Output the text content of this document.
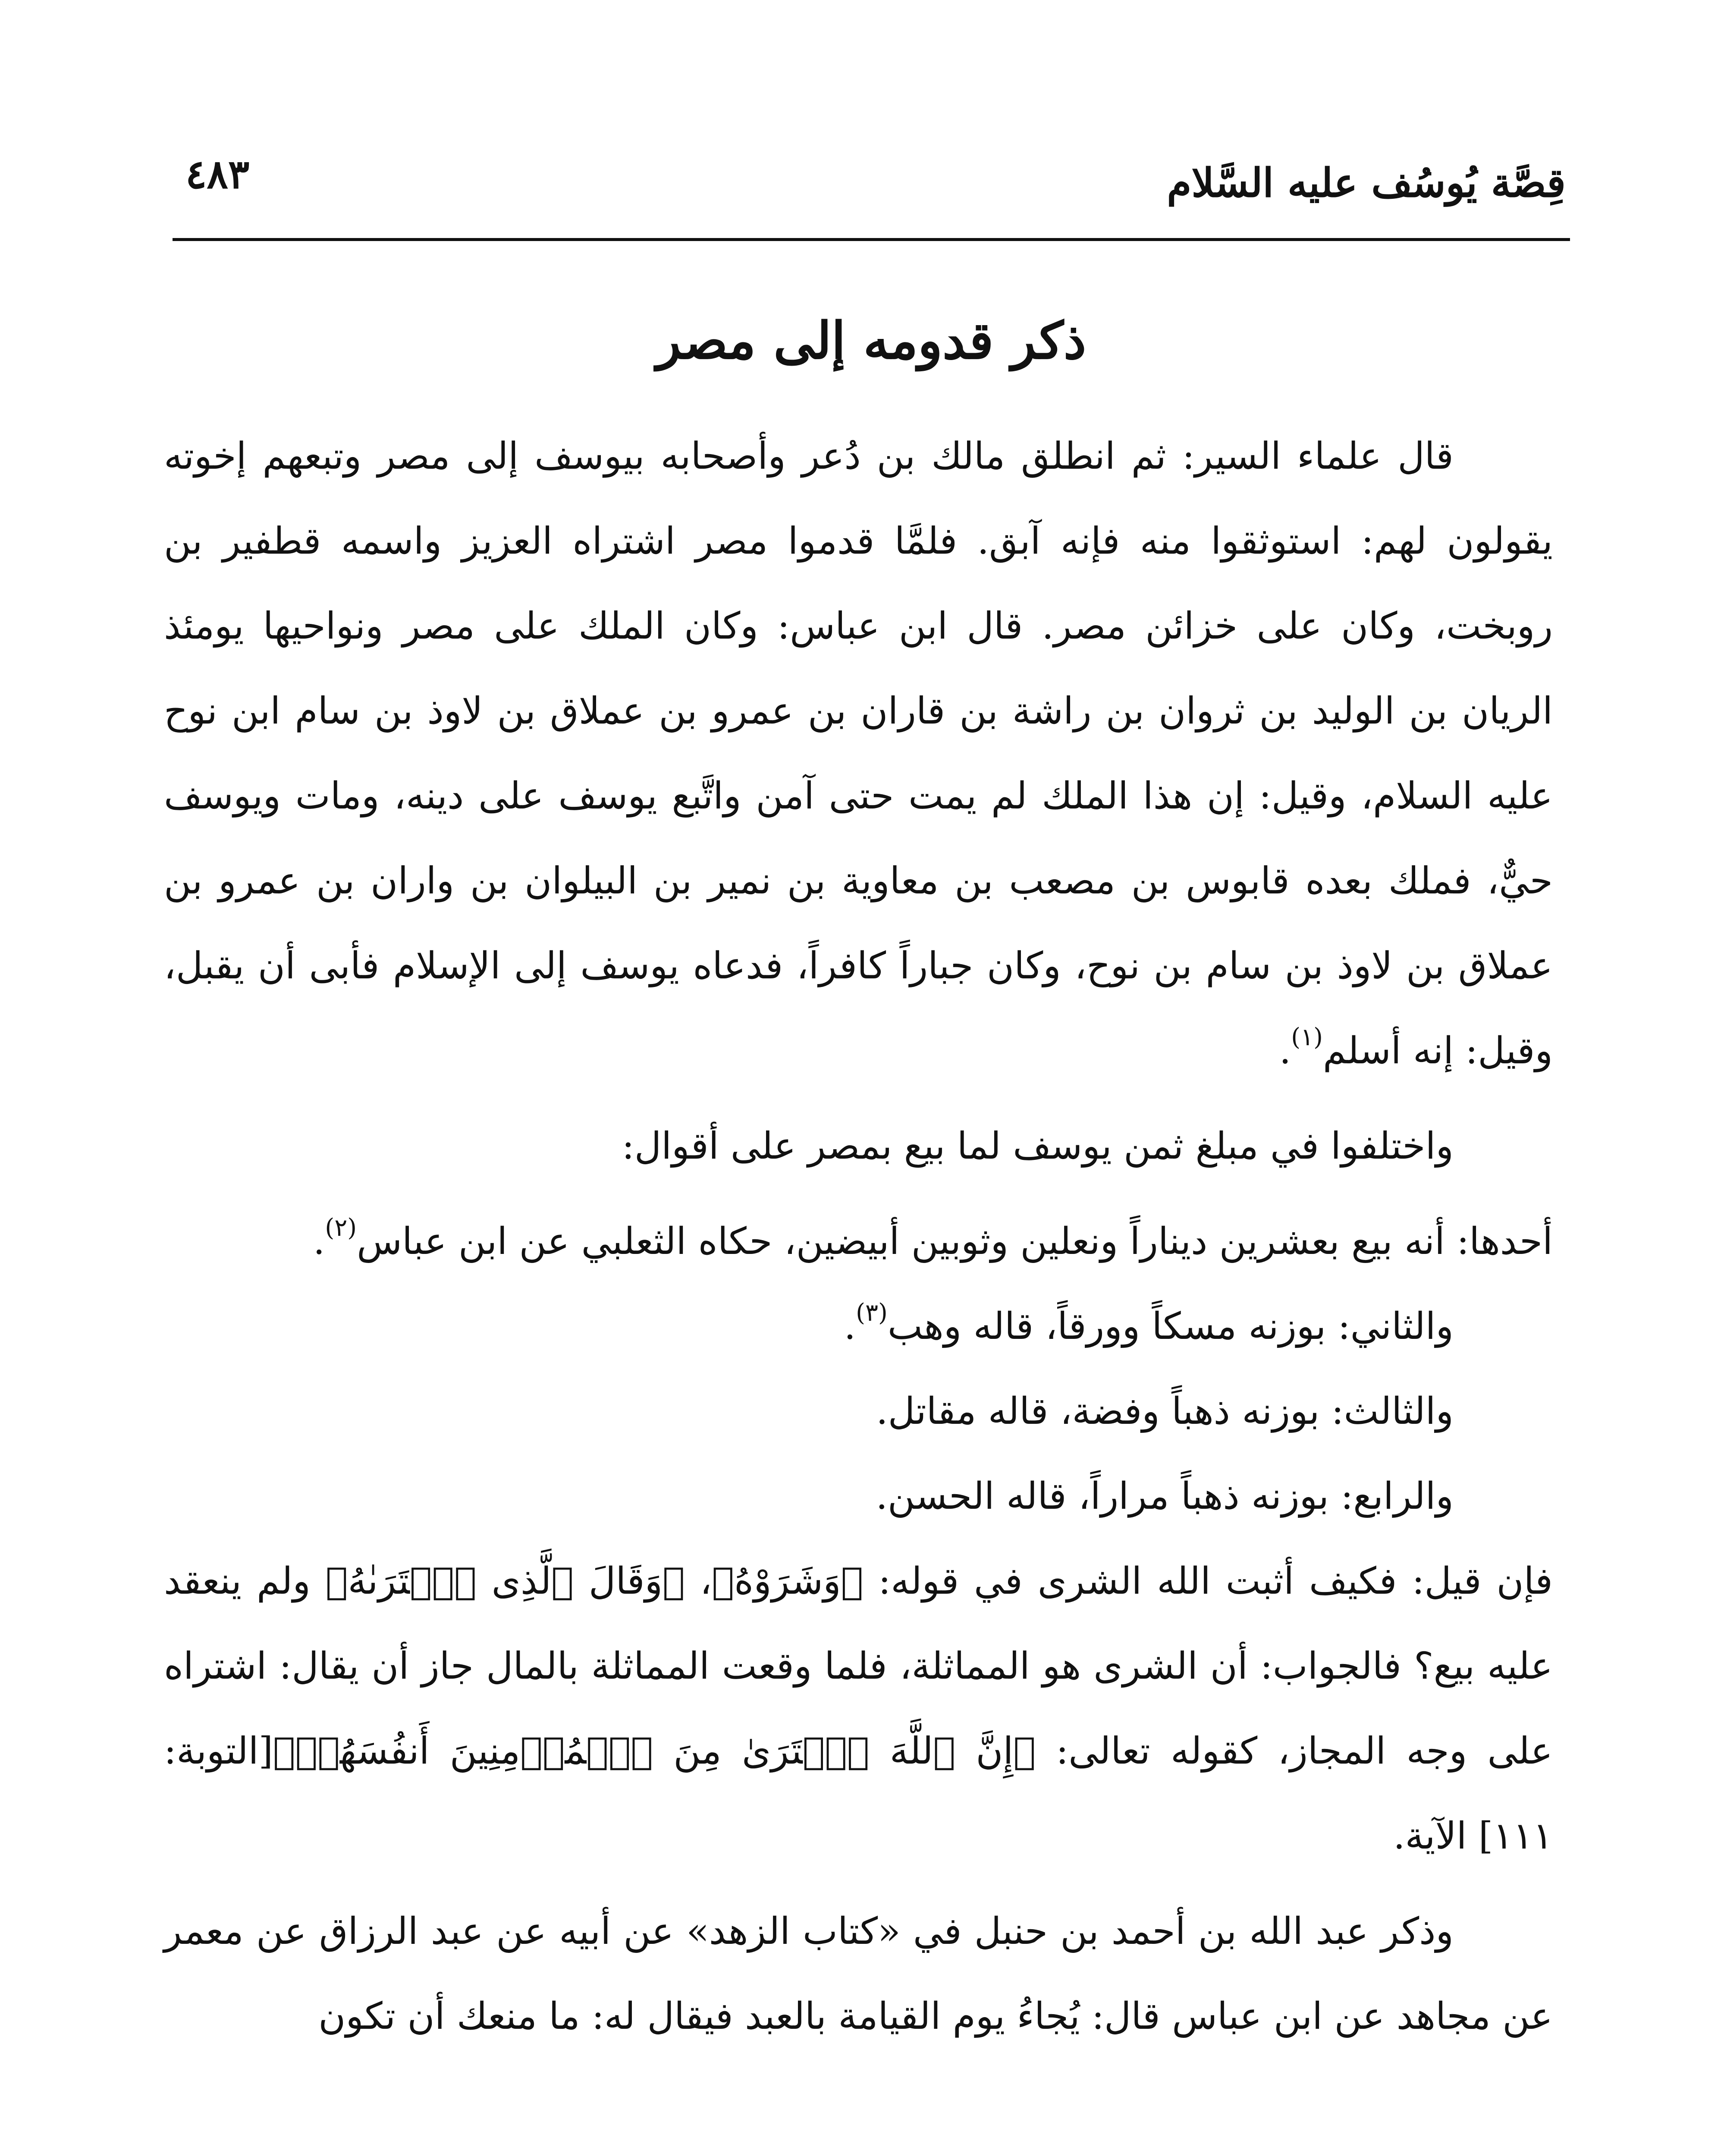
قِصَّة يُوسُف عليه السَّلام
٤٨٣
ذكر قدومه إلى مصر

قال علماء السير: ثم انطلق مالك بن دُعر وأصحابه بيوسف إلى مصر وتبعهم إخوته يقولون لهم: استوثقوا منه فإنه آبق. فلمَّا قدموا مصر اشتراه العزيز واسمه قطفير بن روبخت، وكان على خزائن مصر. قال ابن عباس: وكان الملك على مصر ونواحيها يومئذ الريان بن الوليد بن ثروان بن راشة بن قاران بن عمرو بن عملاق بن لاوذ بن سام ابن نوح عليه السلام، وقيل: إن هذا الملك لم يمت حتى آمن واتَّبع يوسف على دينه، ومات ويوسف حيٌّ، فملك بعده قابوس بن مصعب بن معاوية بن نمير بن البيلوان بن واران بن عمرو بن عملاق بن لاوذ بن سام بن نوح، وكان جباراً كافراً، فدعاه يوسف إلى الإسلام فأبى أن يقبل، وقيل: إنه أسلم$^{(١)}$.

واختلفوا في مبلغ ثمن يوسف لما بيع بمصر على أقوال:

أحدها: أنه بيع بعشرين ديناراً ونعلين وثوبين أبيضين، حكاه الثعلبي عن ابن عباس$^{(٢)}$.

والثاني: بوزنه مسكاً وورقاً، قاله وهب$^{(٣)}$.

والثالث: بوزنه ذهباً وفضة، قاله مقاتل.

والرابع: بوزنه ذهباً مراراً، قاله الحسن.

فإن قيل: فكيف أثبت الله الشرى في قوله: ﴿وَشَرَوْهُ﴾، ﴿وَقَالَ ٱلَّذِى ٱشۡتَرَىٰهُ﴾ ولم ينعقد عليه بيع؟ فالجواب: أن الشرى هو المماثلة، فلما وقعت المماثلة بالمال جاز أن يقال: اشتراه على وجه المجاز، كقوله تعالى: ﴿إِنَّ ٱللَّهَ ٱشۡتَرَىٰ مِنَ ٱلۡمُؤۡمِنِينَ أَنفُسَهُمۡ﴾[التوبة: ١١١] الآية.

وذكر عبد الله بن أحمد بن حنبل في «كتاب الزهد» عن أبيه عن عبد الرزاق عن معمر عن مجاهد عن ابن عباس قال: يُجاءُ يوم القيامة بالعبد فيقال له: ما منعك أن تكون
